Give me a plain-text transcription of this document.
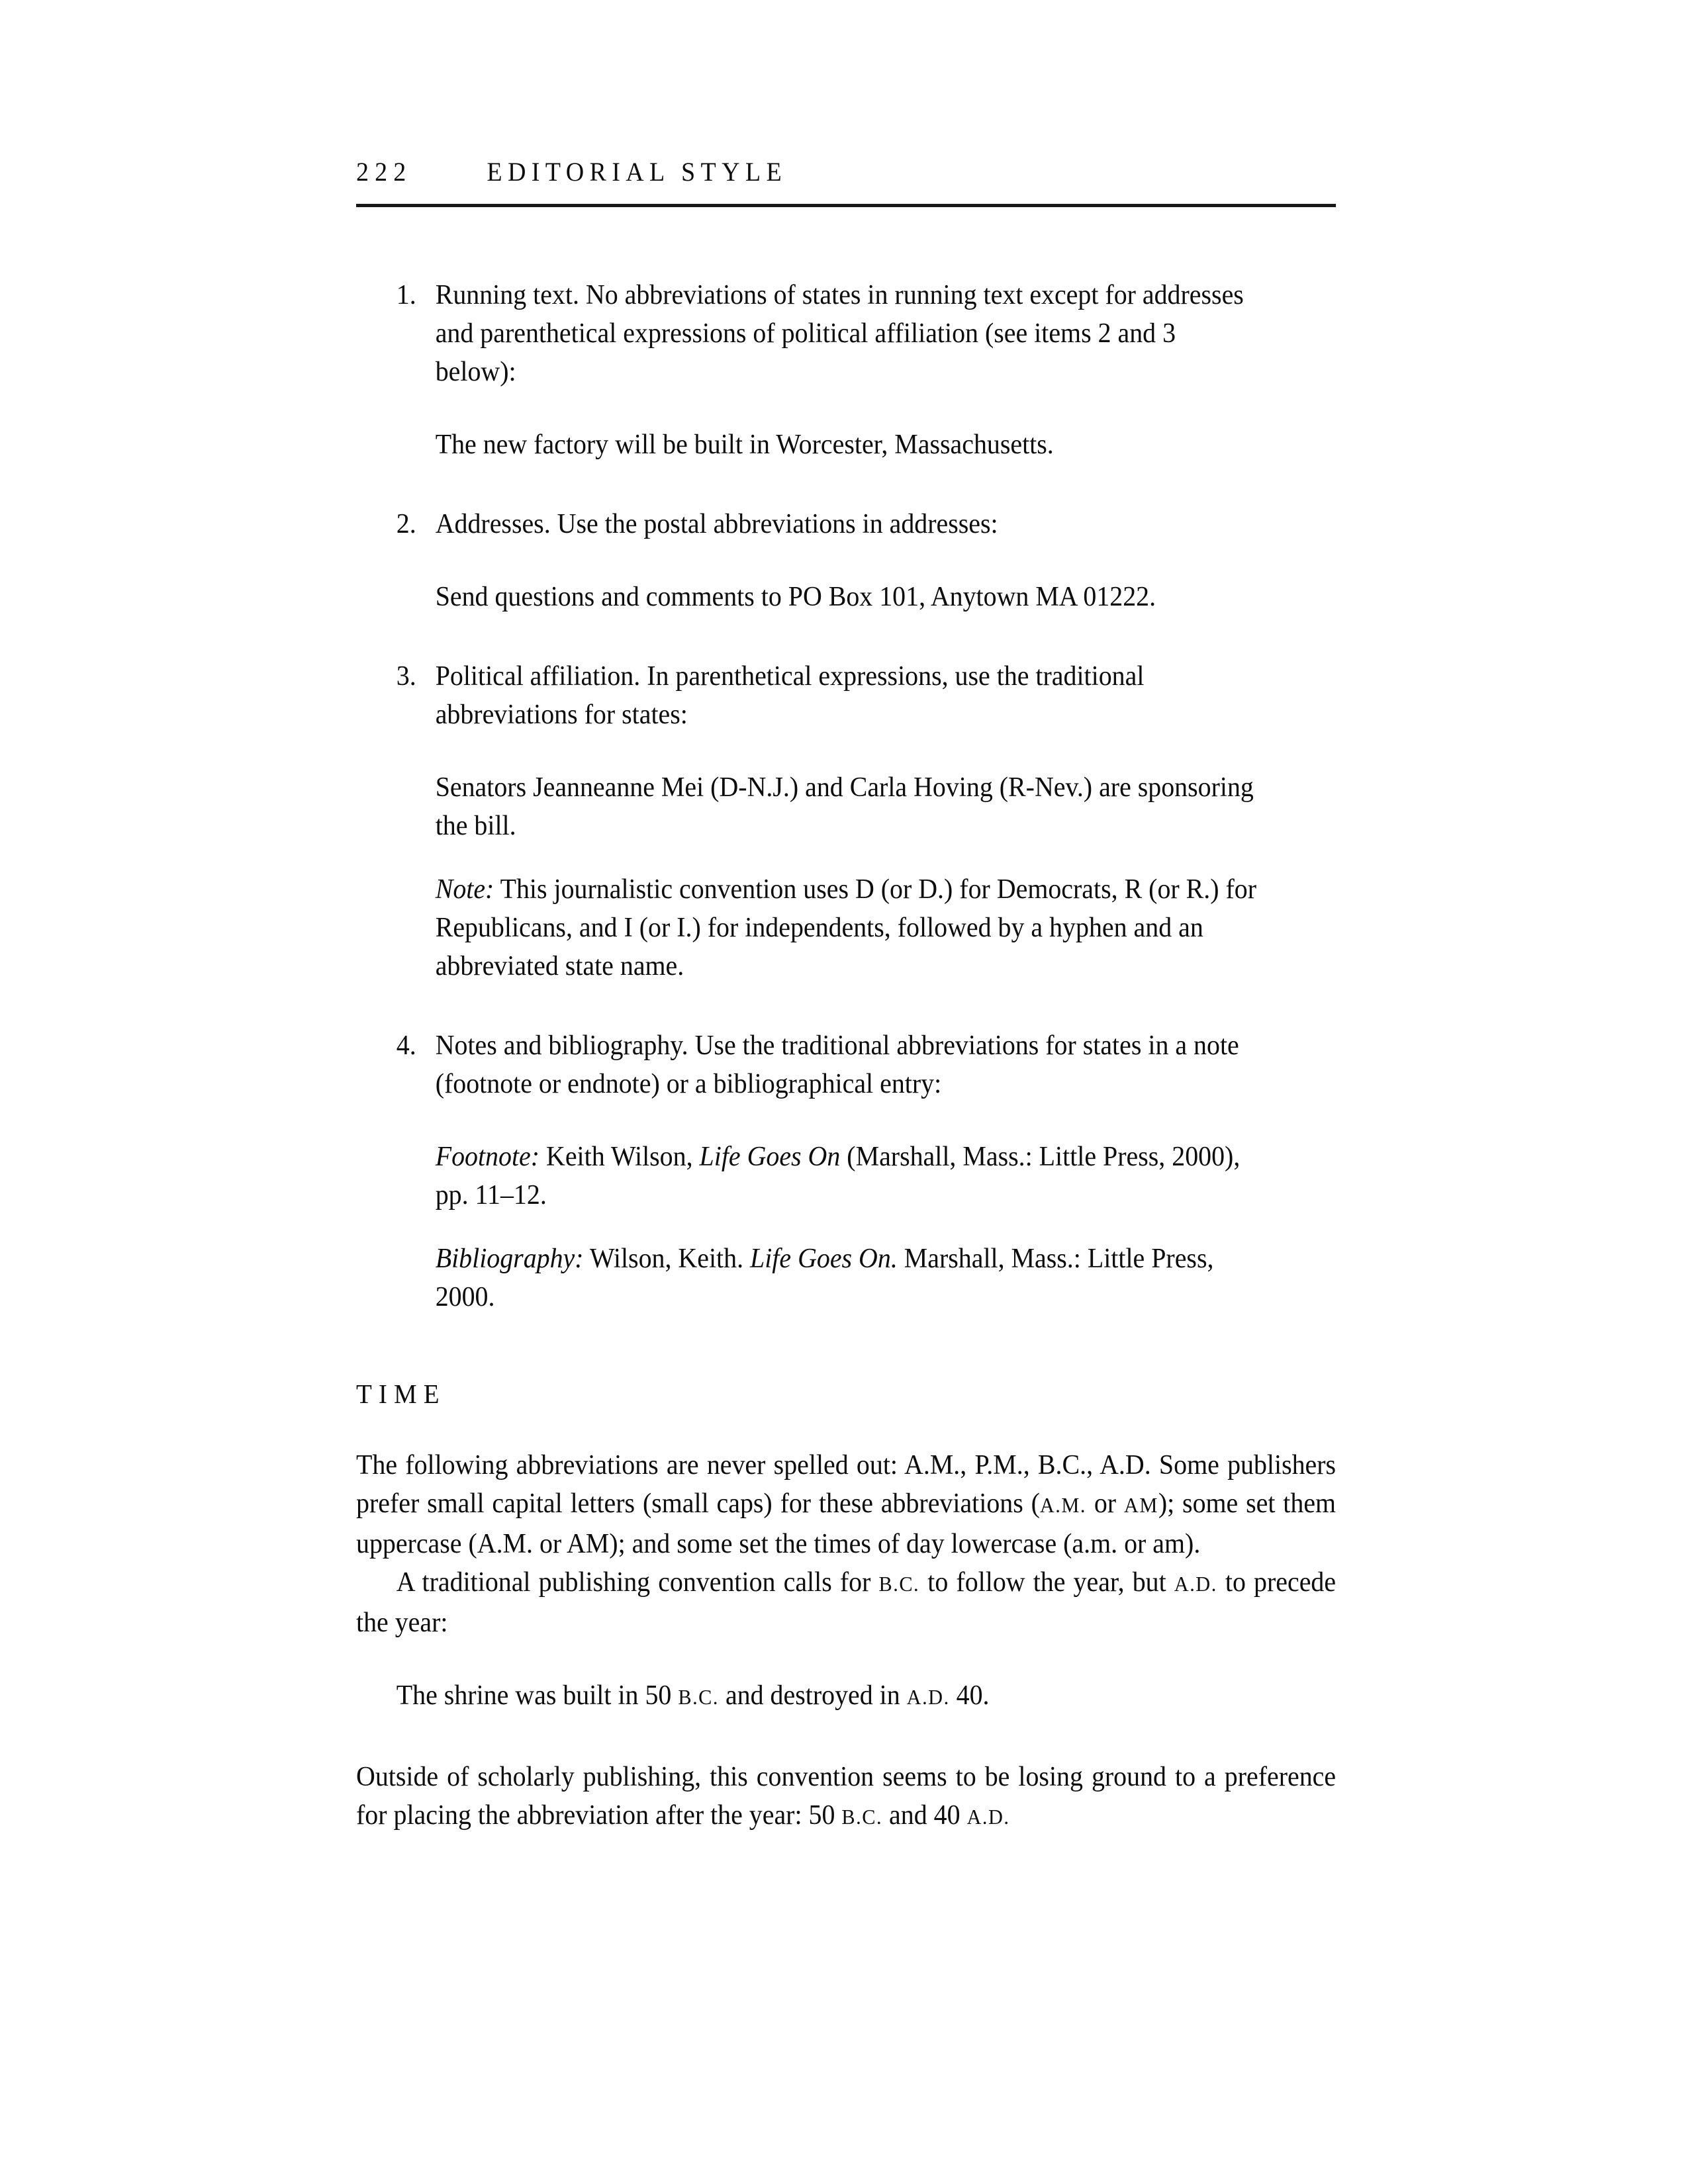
222	EDITORIAL STYLE
1. Running text. No abbreviations of states in running text except for addresses and parenthetical expressions of political affiliation (see items 2 and 3 below):

The new factory will be built in Worcester, Massachusetts.

2. Addresses. Use the postal abbreviations in addresses:

Send questions and comments to PO Box 101, Anytown MA 01222.

3. Political affiliation. In parenthetical expressions, use the traditional abbreviations for states:

Senators Jeanneanne Mei (D-N.J.) and Carla Hoving (R-Nev.) are sponsoring the bill.

Note: This journalistic convention uses D (or D.) for Democrats, R (or R.) for Republicans, and I (or I.) for independents, followed by a hyphen and an abbreviated state name.

4. Notes and bibliography. Use the traditional abbreviations for states in a note (footnote or endnote) or a bibliographical entry:

Footnote: Keith Wilson, Life Goes On (Marshall, Mass.: Little Press, 2000), pp. 11–12.

Bibliography: Wilson, Keith. Life Goes On. Marshall, Mass.: Little Press, 2000.

TIME

The following abbreviations are never spelled out: A.M., P.M., B.C., A.D. Some publishers prefer small capital letters (small caps) for these abbreviations (A.M. or AM); some set them uppercase (A.M. or AM); and some set the times of day lowercase (a.m. or am).

A traditional publishing convention calls for B.C. to follow the year, but A.D. to precede the year:

The shrine was built in 50 B.C. and destroyed in A.D. 40.

Outside of scholarly publishing, this convention seems to be losing ground to a preference for placing the abbreviation after the year: 50 B.C. and 40 A.D.
